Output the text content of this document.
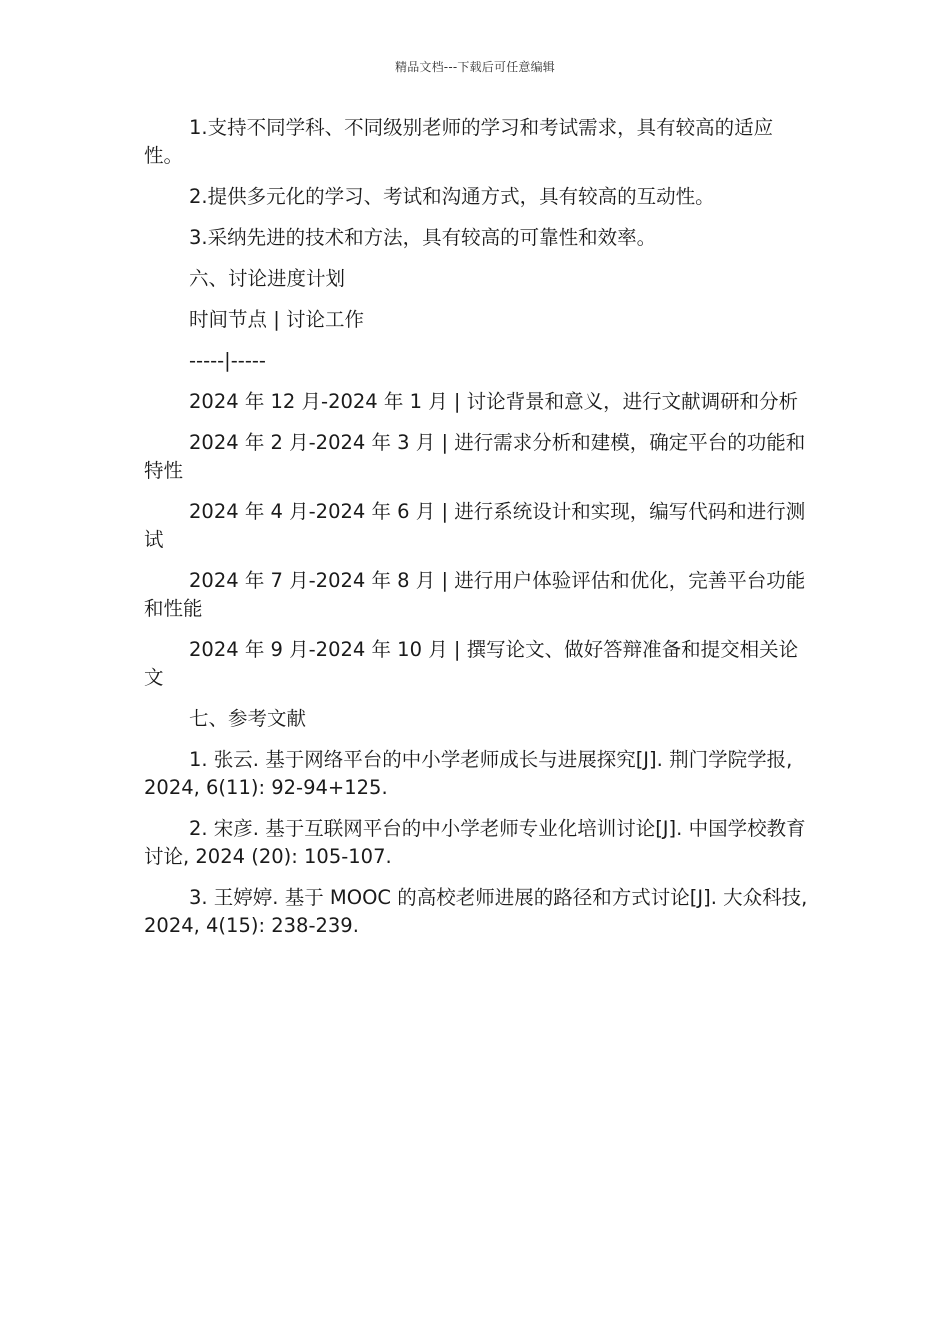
精品文档---下载后可任意编辑

1.支持不同学科、不同级别老师的学习和考试需求，具有较高的适应性。

2.提供多元化的学习、考试和沟通方式，具有较高的互动性。

3.采纳先进的技术和方法，具有较高的可靠性和效率。

六、讨论进度计划

时间节点 | 讨论工作

-----|-----

2024 年 12 月-2024 年 1 月 | 讨论背景和意义，进行文献调研和分析

2024 年 2 月-2024 年 3 月 | 进行需求分析和建模，确定平台的功能和特性

2024 年 4 月-2024 年 6 月 | 进行系统设计和实现，编写代码和进行测试

2024 年 7 月-2024 年 8 月 | 进行用户体验评估和优化，完善平台功能和性能

2024 年 9 月-2024 年 10 月 | 撰写论文、做好答辩准备和提交相关论文

七、参考文献

1. 张云. 基于网络平台的中小学老师成长与进展探究[J]. 荆门学院学报, 2024, 6(11): 92-94+125.

2. 宋彦. 基于互联网平台的中小学老师专业化培训讨论[J]. 中国学校教育讨论, 2024 (20): 105-107.

3. 王婷婷. 基于 MOOC 的高校老师进展的路径和方式讨论[J]. 大众科技, 2024, 4(15): 238-239.
